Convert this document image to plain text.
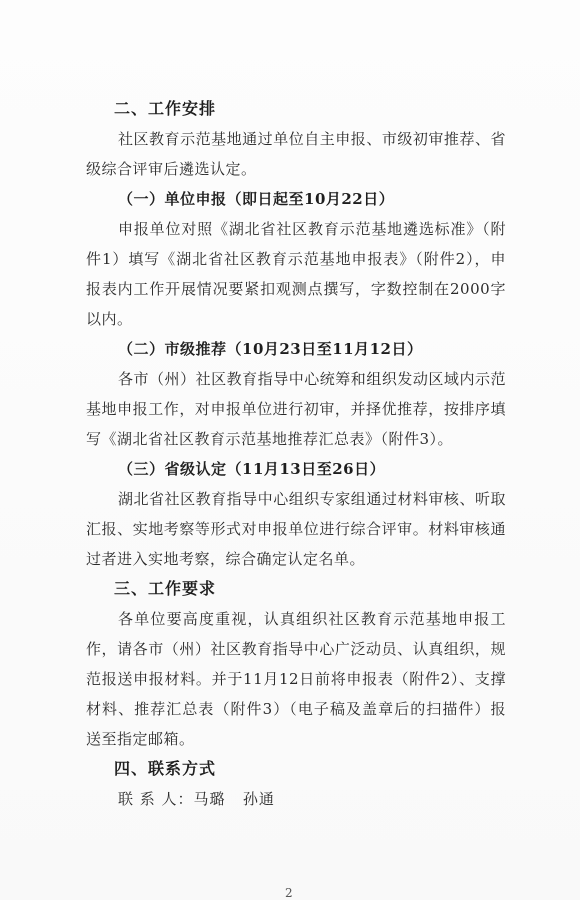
二、工作安排

社区教育示范基地通过单位自主申报、市级初审推荐、省级综合评审后遴选认定。

（一）单位申报（即日起至10月22日）

申报单位对照《湖北省社区教育示范基地遴选标准》（附件1）填写《湖北省社区教育示范基地申报表》（附件2），申报表内工作开展情况要紧扣观测点撰写，字数控制在2000字以内。

（二）市级推荐（10月23日至11月12日）

各市（州）社区教育指导中心统筹和组织发动区域内示范基地申报工作，对申报单位进行初审，并择优推荐，按排序填写《湖北省社区教育示范基地推荐汇总表》（附件3）。

（三）省级认定（11月13日至26日）

湖北省社区教育指导中心组织专家组通过材料审核、听取汇报、实地考察等形式对申报单位进行综合评审。材料审核通过者进入实地考察，综合确定认定名单。

三、工作要求

各单位要高度重视，认真组织社区教育示范基地申报工作，请各市（州）社区教育指导中心广泛动员、认真组织，规范报送申报材料。并于11月12日前将申报表（附件2）、支撑材料、推荐汇总表（附件3）（电子稿及盖章后的扫描件）报送至指定邮箱。

四、联系方式
联 系 人：马璐   孙通
2
